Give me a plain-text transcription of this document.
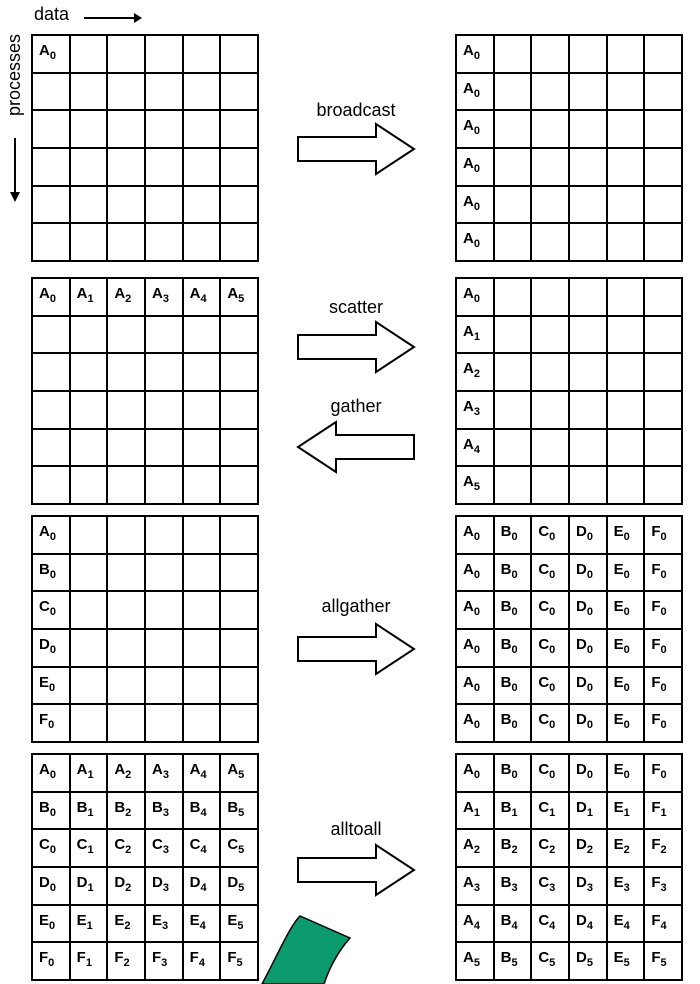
data
processes $A_0$	$A_0$
$A_0$
$A_0$
$A_0$
$A_0$
$A_0$
broadcast
$A_0$ $A_1$ $A_2$ $A_3$ $A_4$ $A_5$	$A_0$
$A_1$
$A_2$
$A_3$
$A_4$
$A_5$
scatter
gather
$A_0$
$B_0$
$C_0$
$D_0$
$E_0$
$F_0$
$A_0$ $B_0$ $C_0$ $D_0$ $E_0$ $F_0$
$A_0$ $B_0$ $C_0$ $D_0$ $E_0$ $F_0$
$A_0$ $B_0$ $C_0$ $D_0$ $E_0$ $F_0$
$A_0$ $B_0$ $C_0$ $D_0$ $E_0$ $F_0$
$A_0$ $B_0$ $C_0$ $D_0$ $E_0$ $F_0$
$A_0$ $B_0$ $C_0$ $D_0$ $E_0$ $F_0$
allgather
$A_0$ $A_1$ $A_2$ $A_3$ $A_4$ $A_5$
$B_0$ $B_1$ $B_2$ $B_3$ $B_4$ $B_5$
$C_0$ $C_1$ $C_2$ $C_3$ $C_4$ $C_5$
$D_0$ $D_1$ $D_2$ $D_3$ $D_4$ $D_5$
$E_0$ $E_1$ $E_2$ $E_3$ $E_4$ $E_5$
$F_0$ $F_1$ $F_2$ $F_3$ $F_4$ $F_5$
$A_0$ $B_0$ $C_0$ $D_0$ $E_0$ $F_0$
$A_1$ $B_1$ $C_1$ $D_1$ $E_1$ $F_1$
$A_2$ $B_2$ $C_2$ $D_2$ $E_2$ $F_2$
$A_3$ $B_3$ $C_3$ $D_3$ $E_3$ $F_3$
$A_4$ $B_4$ $C_4$ $D_4$ $E_4$ $F_4$
$A_5$ $B_5$ $C_5$ $D_5$ $E_5$ $F_5$
alltoall
